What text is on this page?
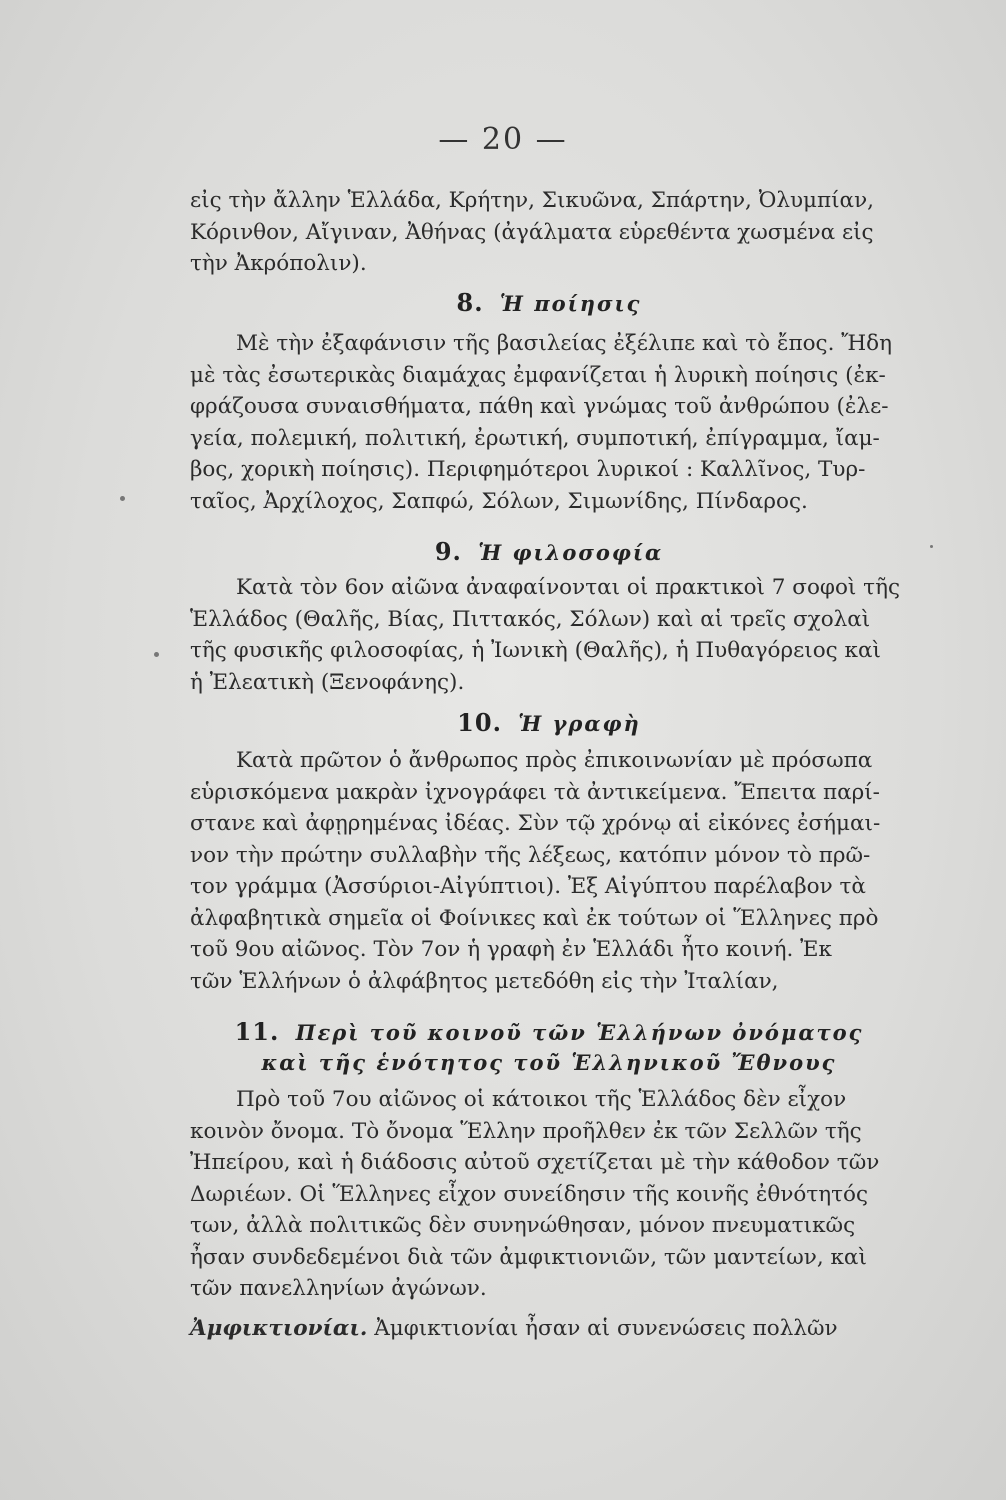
— 20 —
εἰς τὴν ἄλλην Ἑλλάδα, Κρήτην, Σικυῶνα, Σπάρτην, Ὀλυμπίαν,
Κόρινθον, Αἴγιναν, Ἀθήνας (ἀγάλματα εὑρεθέντα χωσμένα εἰς
τὴν Ἀκρόπολιν).
8. Ἡ ποίησις
Μὲ τὴν ἐξαφάνισιν τῆς βασιλείας ἐξέλιπε καὶ τὸ ἔπος. Ἤδη
μὲ τὰς ἐσωτερικὰς διαμάχας ἐμφανίζεται ἡ λυρικὴ ποίησις (ἐκ-
φράζουσα συναισθήματα, πάθη καὶ γνώμας τοῦ ἀνθρώπου (ἐλε-
γεία, πολεμική, πολιτική, ἐρωτική, συμποτική, ἐπίγραμμα, ἴαμ-
βος, χορικὴ ποίησις). Περιφημότεροι λυρικοί : Καλλῖνος, Τυρ-
ταῖος, Ἀρχίλοχος, Σαπφώ, Σόλων, Σιμωνίδης, Πίνδαρος.
9. Ἡ φιλοσοφία
Κατὰ τὸν 6ον αἰῶνα ἀναφαίνονται οἱ πρακτικοὶ 7 σοφοὶ τῆς
Ἑλλάδος (Θαλῆς, Βίας, Πιττακός, Σόλων) καὶ αἱ τρεῖς σχολαὶ
τῆς φυσικῆς φιλοσοφίας, ἡ Ἰωνικὴ (Θαλῆς), ἡ Πυθαγόρειος καὶ
ἡ Ἐλεατικὴ (Ξενοφάνης).
10. Ἡ γραφὴ
Κατὰ πρῶτον ὁ ἄνθρωπος πρὸς ἐπικοινωνίαν μὲ πρόσωπα
εὑρισκόμενα μακρὰν ἰχνογράφει τὰ ἀντικείμενα. Ἔπειτα παρί-
στανε καὶ ἀφῃρημένας ἰδέας. Σὺν τῷ χρόνῳ αἱ εἰκόνες ἐσήμαι-
νον τὴν πρώτην συλλαβὴν τῆς λέξεως, κατόπιν μόνον τὸ πρῶ-
τον γράμμα (Ἀσσύριοι-Αἰγύπτιοι). Ἐξ Αἰγύπτου παρέλαβον τὰ
ἀλφαβητικὰ σημεῖα οἱ Φοίνικες καὶ ἐκ τούτων οἱ Ἕλληνες πρὸ
τοῦ 9ου αἰῶνος. Τὸν 7ον ἡ γραφὴ ἐν Ἑλλάδι ἦτο κοινή. Ἐκ
τῶν Ἑλλήνων ὁ ἀλφάβητος μετεδόθη εἰς τὴν Ἰταλίαν,
11. Περὶ τοῦ κοινοῦ τῶν Ἑλλήνων ὀνόματος
καὶ τῆς ἑνότητος τοῦ Ἑλληνικοῦ Ἔθνους
Πρὸ τοῦ 7ου αἰῶνος οἱ κάτοικοι τῆς Ἑλλάδος δὲν εἶχον
κοινὸν ὄνομα. Τὸ ὄνομα Ἕλλην προῆλθεν ἐκ τῶν Σελλῶν τῆς
Ἠπείρου, καὶ ἡ διάδοσις αὐτοῦ σχετίζεται μὲ τὴν κάθοδον τῶν
Δωριέων. Οἱ Ἕλληνες εἶχον συνείδησιν τῆς κοινῆς ἐθνότητός
των, ἀλλὰ πολιτικῶς δὲν συνηνώθησαν, μόνον πνευματικῶς
ἦσαν συνδεδεμένοι διὰ τῶν ἀμφικτιονιῶν, τῶν μαντείων, καὶ
τῶν πανελληνίων ἀγώνων.
Ἀμφικτιονίαι. Ἀμφικτιονίαι ἦσαν αἱ συνενώσεις πολλῶν
